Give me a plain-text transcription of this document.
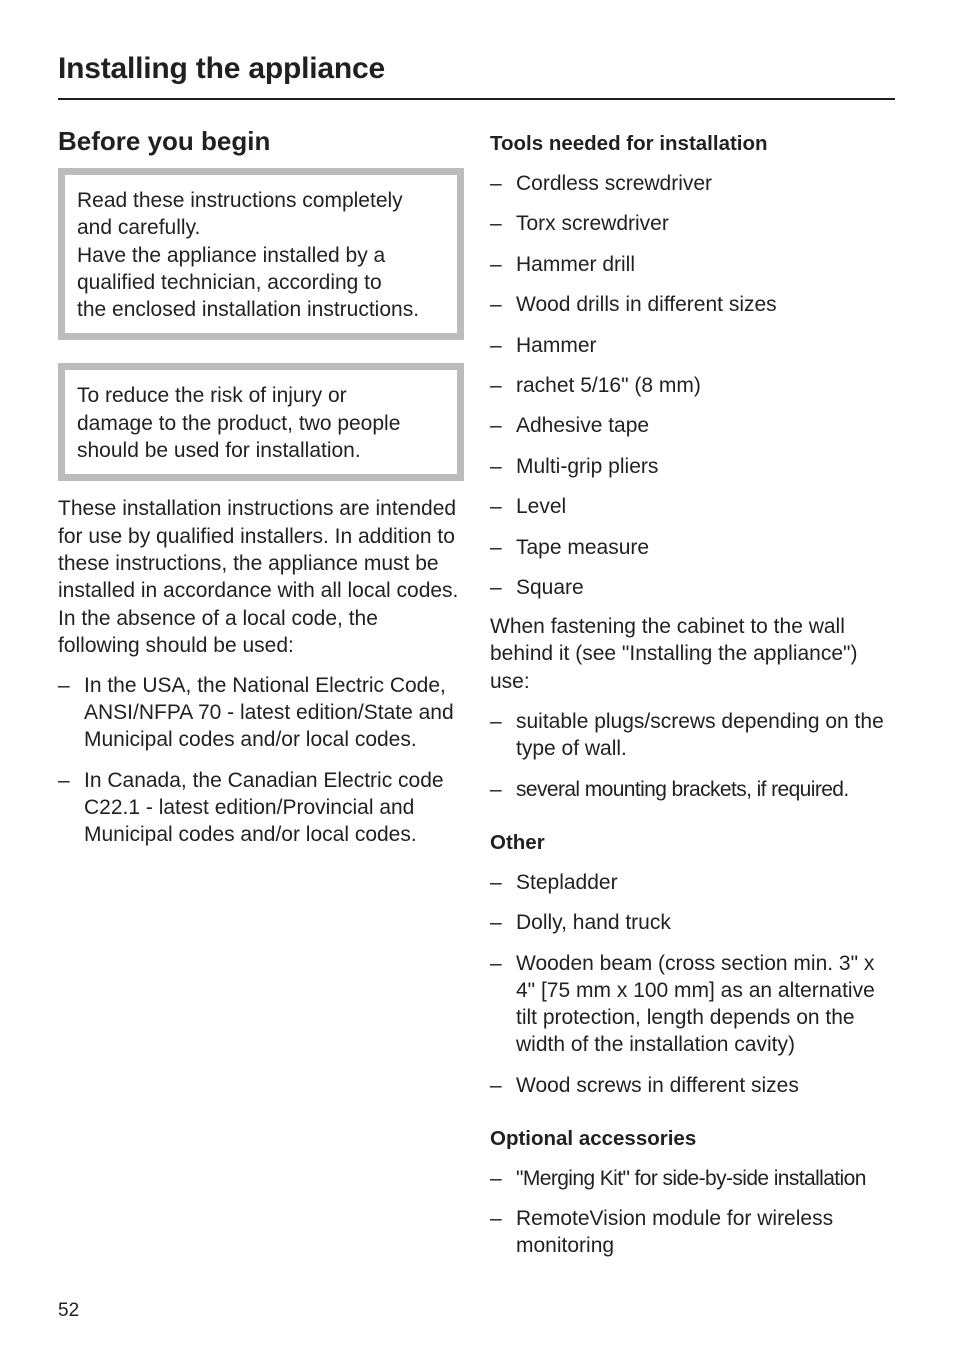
Installing the appliance
Before you begin

Read these instructions completely

and carefully.

Have the appliance installed by a

qualified technician, according to

the enclosed installation instructions.

To reduce the risk of injury or

damage to the product, two people

should be used for installation.

These installation instructions are intended for use by qualified installers. In addition to these instructions, the appliance must be installed in accordance with all local codes. In the absence of a local code, the following should be used:

– In the USA, the National Electric Code, ANSI/NFPA 70 - latest edition/State and Municipal codes and/or local codes.
– In Canada, the Canadian Electric code C22.1 - latest edition/Provincial and Municipal codes and/or local codes.
Tools needed for installation
– Cordless screwdriver
– Torx screwdriver
– Hammer drill
– Wood drills in different sizes
– Hammer
– rachet 5/16" (8 mm)
– Adhesive tape
– Multi-grip pliers
– Level
– Tape measure
– Square

When fastening the cabinet to the wall behind it (see "Installing the appliance") use:

– suitable plugs/screws depending on the type of wall.
– several mounting brackets, if required.
Other
– Stepladder
– Dolly, hand truck
– Wooden beam (cross section min. 3" x 4" [75 mm x 100 mm] as an alternative tilt protection, length depends on the width of the installation cavity)
– Wood screws in different sizes
Optional accessories
– "Merging Kit" for side-by-side installation
– RemoteVision module for wireless monitoring
52
